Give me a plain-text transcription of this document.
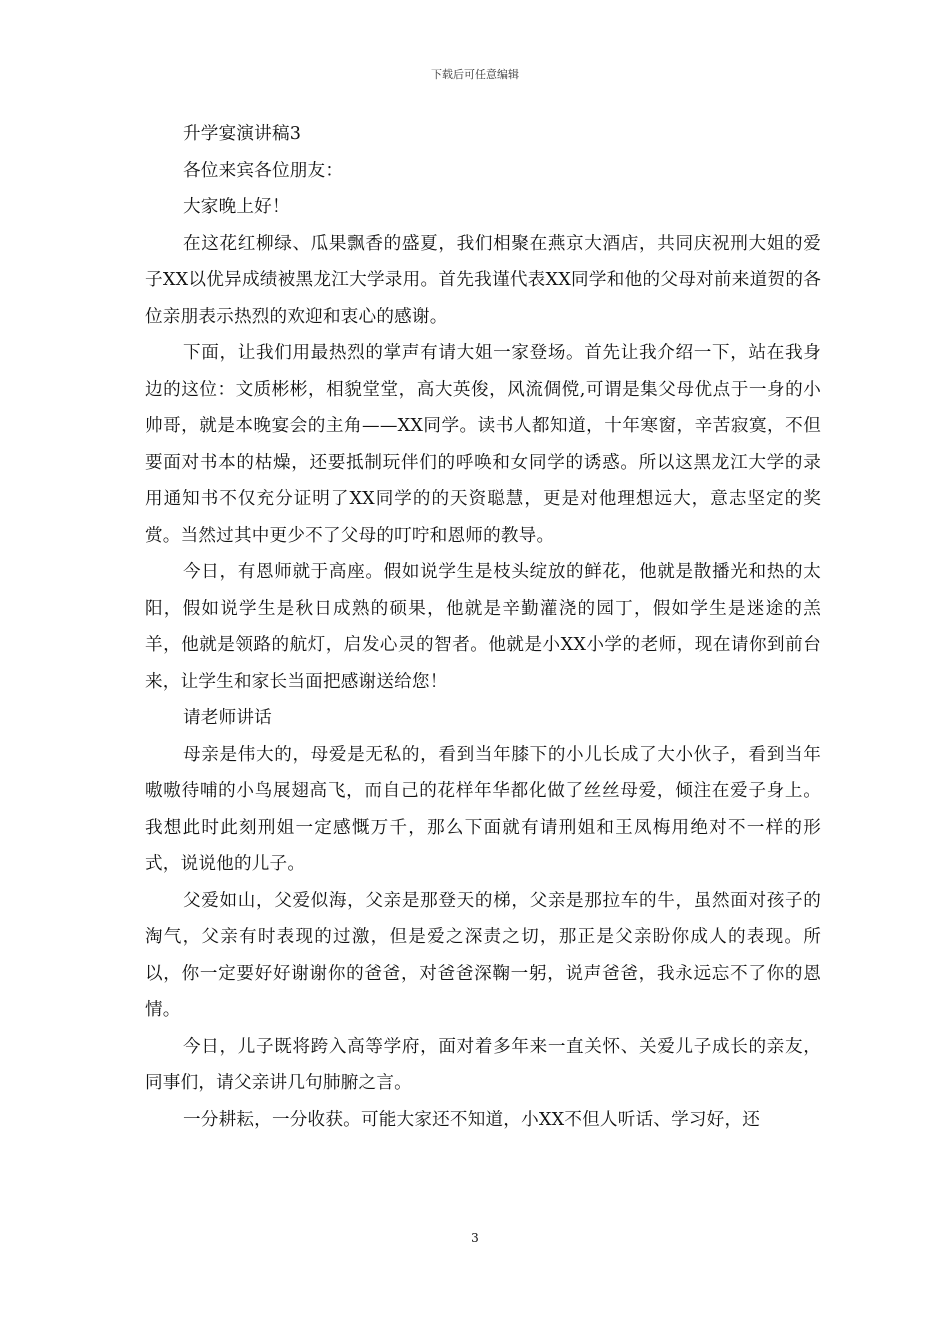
下载后可任意编辑

升学宴演讲稿3

各位来宾各位朋友：

大家晚上好！

在这花红柳绿、瓜果飘香的盛夏，我们相聚在燕京大酒店，共同庆祝刑大姐的爱子XX以优异成绩被黑龙江大学录用。首先我谨代表XX同学和他的父母对前来道贺的各位亲朋表示热烈的欢迎和衷心的感谢。

下面，让我们用最热烈的掌声有请大姐一家登场。首先让我介绍一下，站在我身边的这位：文质彬彬，相貌堂堂，高大英俊，风流倜傥,可谓是集父母优点于一身的小帅哥，就是本晚宴会的主角——XX同学。读书人都知道，十年寒窗，辛苦寂寞，不但要面对书本的枯燥，还要抵制玩伴们的呼唤和女同学的诱惑。所以这黑龙江大学的录用通知书不仅充分证明了XX同学的的天资聪慧，更是对他理想远大，意志坚定的奖赏。当然过其中更少不了父母的叮咛和恩师的教导。

今日，有恩师就于高座。假如说学生是枝头绽放的鲜花，他就是散播光和热的太阳，假如说学生是秋日成熟的硕果，他就是辛勤灌浇的园丁，假如学生是迷途的羔羊，他就是领路的航灯，启发心灵的智者。他就是小XX小学的老师，现在请你到前台来，让学生和家长当面把感谢送给您！

请老师讲话

母亲是伟大的，母爱是无私的，看到当年膝下的小儿长成了大小伙子，看到当年嗷嗷待哺的小鸟展翅高飞，而自己的花样年华都化做了丝丝母爱，倾注在爱子身上。我想此时此刻刑姐一定感慨万千，那么下面就有请刑姐和王凤梅用绝对不一样的形式，说说他的儿子。

父爱如山，父爱似海，父亲是那登天的梯，父亲是那拉车的牛，虽然面对孩子的淘气，父亲有时表现的过激，但是爱之深责之切，那正是父亲盼你成人的表现。所以，你一定要好好谢谢你的爸爸，对爸爸深鞠一躬，说声爸爸，我永远忘不了你的恩情。

今日，儿子既将跨入高等学府，面对着多年来一直关怀、关爱儿子成长的亲友，同事们，请父亲讲几句肺腑之言。

一分耕耘，一分收获。可能大家还不知道，小XX不但人听话、学习好，还

3
